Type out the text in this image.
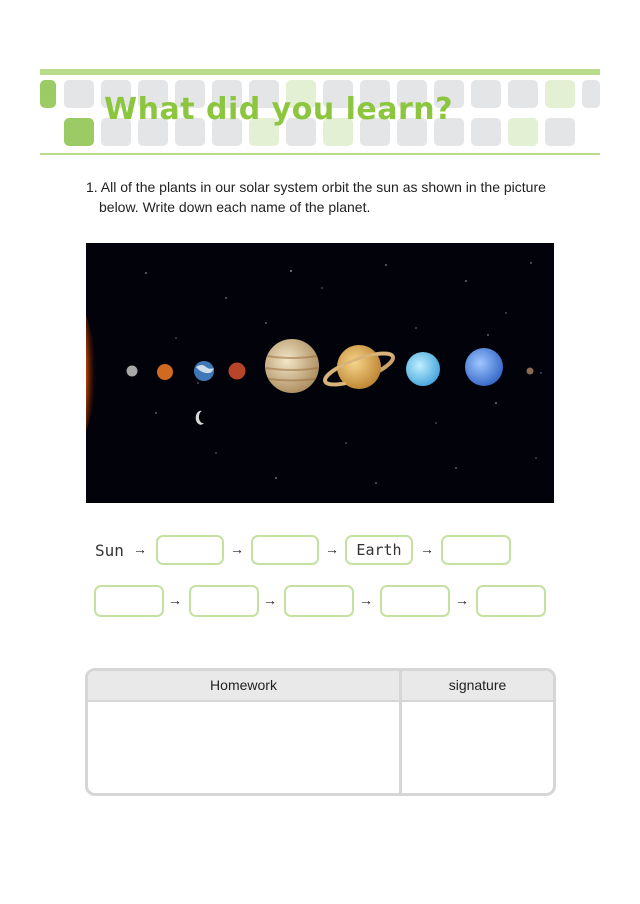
What did you learn?
1. All of the plants in our solar system orbit the sun as shown in the picture
below. Write down each name of the planet.
Sun →	→	→	Earth	→
→	→	→	→
Homework	signature
